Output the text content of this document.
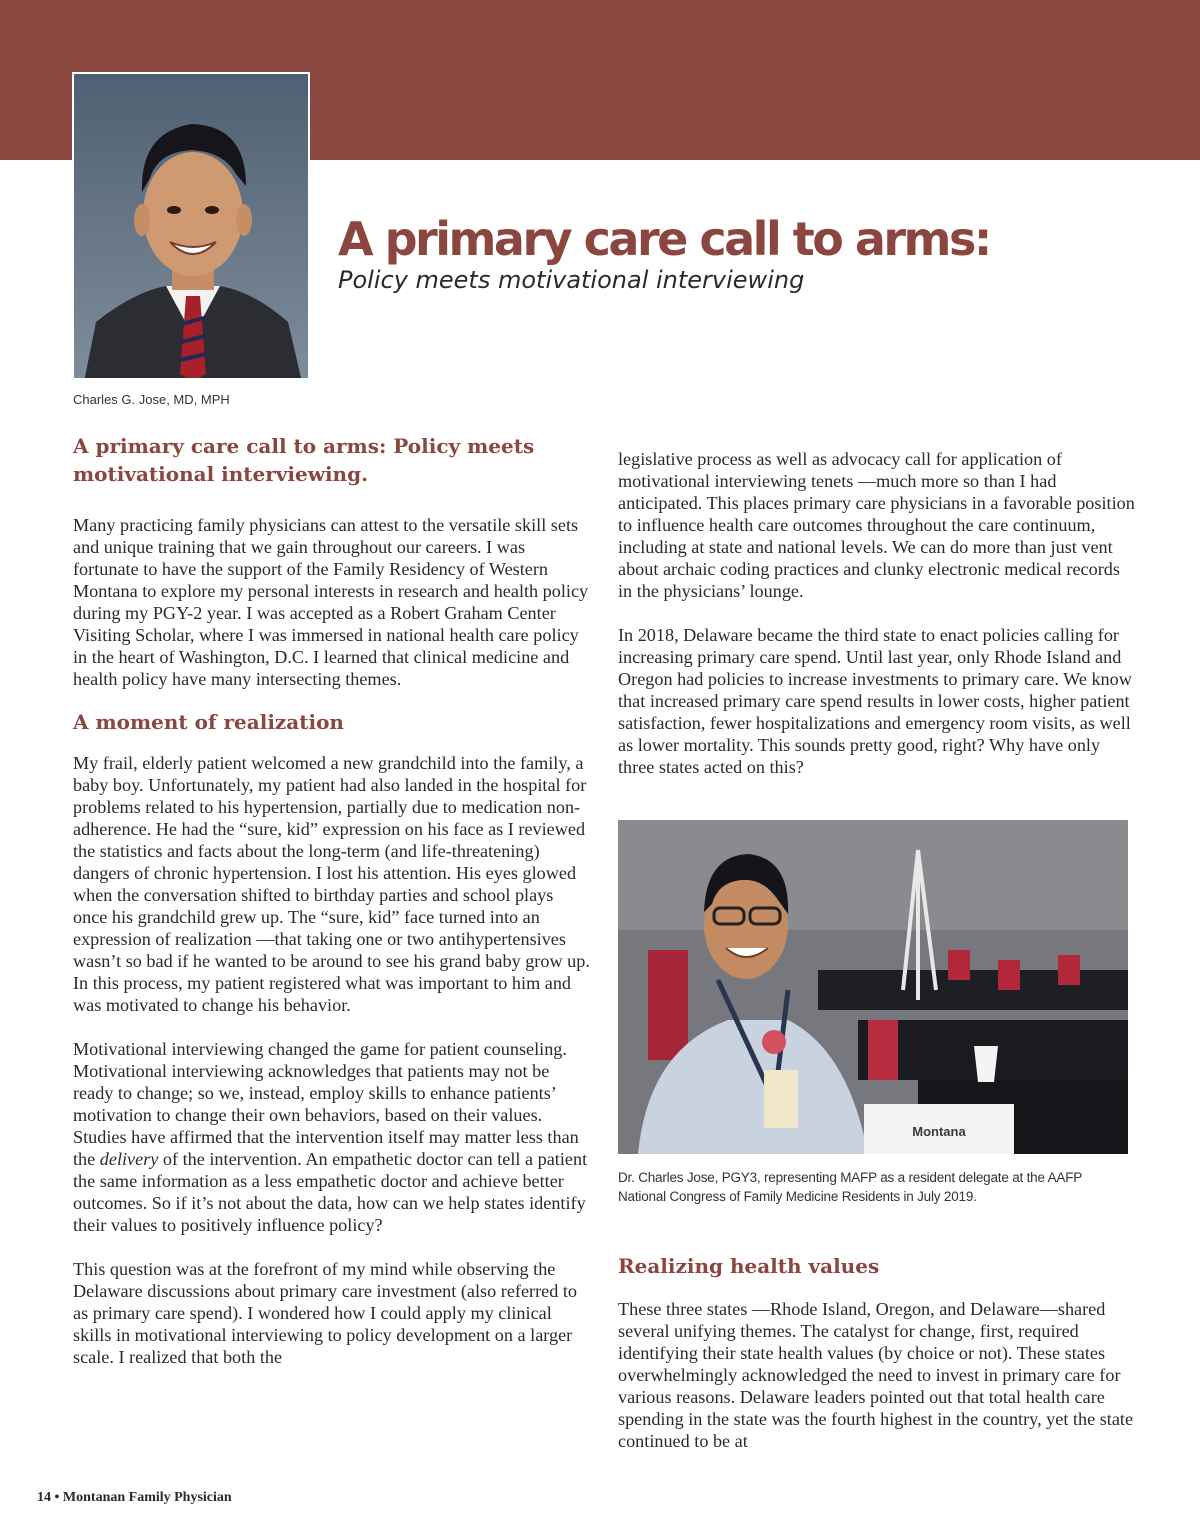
Charles G. Jose, MD, MPH
A primary care call to arms:

Policy meets motivational interviewing

A primary care call to arms: Policy meets motivational interviewing.

Many practicing family physicians can attest to the versatile skill sets and unique training that we gain throughout our careers. I was fortunate to have the support of the Family Residency of Western Montana to explore my personal interests in research and health policy during my PGY-2 year. I was accepted as a Robert Graham Center Visiting Scholar, where I was immersed in national health care policy in the heart of Washington, D.C. I learned that clinical medicine and health policy have many intersecting themes.

A moment of realization

My frail, elderly patient welcomed a new grandchild into the family, a baby boy. Unfortunately, my patient had also landed in the hospital for problems related to his hypertension, partially due to medication non-adherence. He had the “sure, kid” expression on his face as I reviewed the statistics and facts about the long-term (and life-threatening) dangers of chronic hypertension. I lost his attention. His eyes glowed when the conversation shifted to birthday parties and school plays once his grandchild grew up. The “sure, kid” face turned into an expression of realization —that taking one or two antihypertensives wasn’t so bad if he wanted to be around to see his grand baby grow up. In this process, my patient registered what was important to him and was motivated to change his behavior.

Motivational interviewing changed the game for patient counseling. Motivational interviewing acknowledges that patients may not be ready to change; so we, instead, employ skills to enhance patients’ motivation to change their own behaviors, based on their values. Studies have affirmed that the intervention itself may matter less than the delivery of the intervention. An empathetic doctor can tell a patient the same information as a less empathetic doctor and achieve better outcomes. So if it’s not about the data, how can we help states identify their values to positively influence policy?

This question was at the forefront of my mind while observing the Delaware discussions about primary care investment (also referred to as primary care spend). I wondered how I could apply my clinical skills in motivational interviewing to policy development on a larger scale. I realized that both the

legislative process as well as advocacy call for application of motivational interviewing tenets —much more so than I had anticipated. This places primary care physicians in a favorable position to influence health care outcomes throughout the care continuum, including at state and national levels. We can do more than just vent about archaic coding practices and clunky electronic medical records in the physicians’ lounge.

In 2018, Delaware became the third state to enact policies calling for increasing primary care spend. Until last year, only Rhode Island and Oregon had policies to increase investments to primary care. We know that increased primary care spend results in lower costs, higher patient satisfaction, fewer hospitalizations and emergency room visits, as well as lower mortality. This sounds pretty good, right? Why have only three states acted on this?

Montana
Dr. Charles Jose, PGY3, representing MAFP as a resident delegate at the AAFP National Congress of Family Medicine Residents in July 2019.
Realizing health values

These three states —Rhode Island, Oregon, and Delaware—shared several unifying themes. The catalyst for change, first, required identifying their state health values (by choice or not). These states overwhelmingly acknowledged the need to invest in primary care for various reasons. Delaware leaders pointed out that total health care spending in the state was the fourth highest in the country, yet the state continued to be at

14 • Montanan Family Physician
